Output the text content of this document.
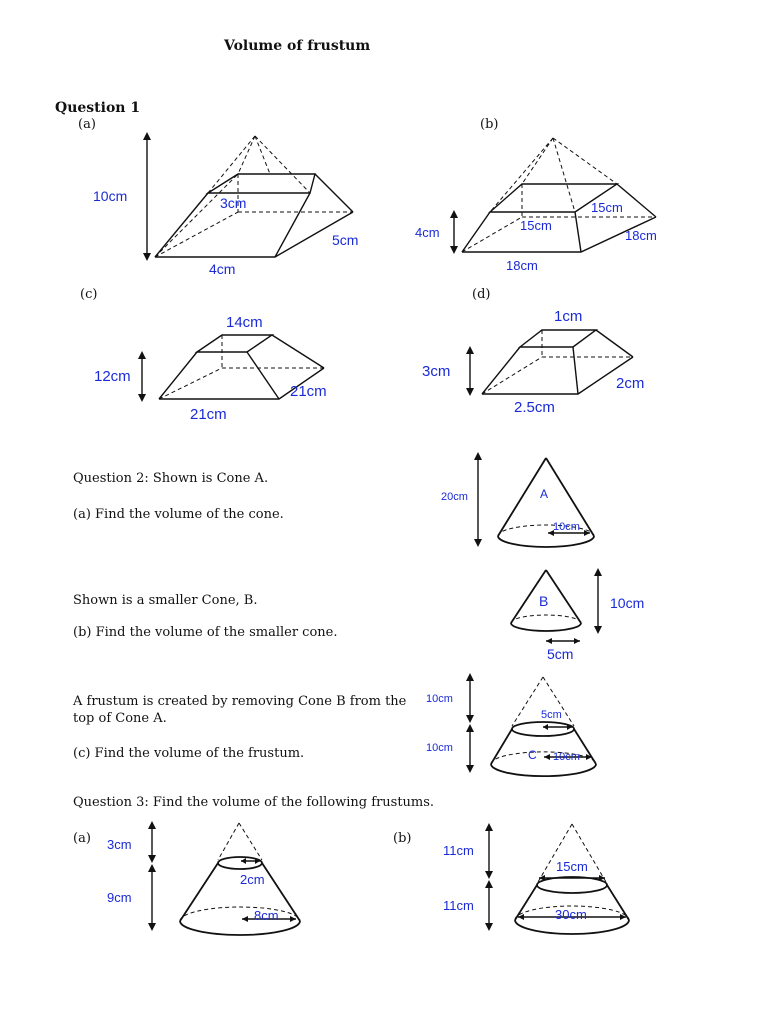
Volume of frustum
Question 1
(a)	(b)
(c)	(d)
10cm	3cm
5cm
4cm
4cm	15cm
15cm
18cm
18cm
14cm
12cm
21cm
21cm
1cm
3cm
2cm
2.5cm
Question 2: Shown is Cone A.
(a) Find the volume of the cone.
Shown is a smaller Cone, B.
(b) Find the volume of the smaller cone.
A frustum is created by removing Cone B from the
top of Cone A.
(c) Find the volume of the frustum.
20cm	A
10cm
B	10cm
5cm
10cm
10cm
5cm
C 10cm
Question 3: Find the volume of the following frustums.
(a)	(b)
3cm
9cm
2cm
8cm
11cm
11cm
15cm
30cm
